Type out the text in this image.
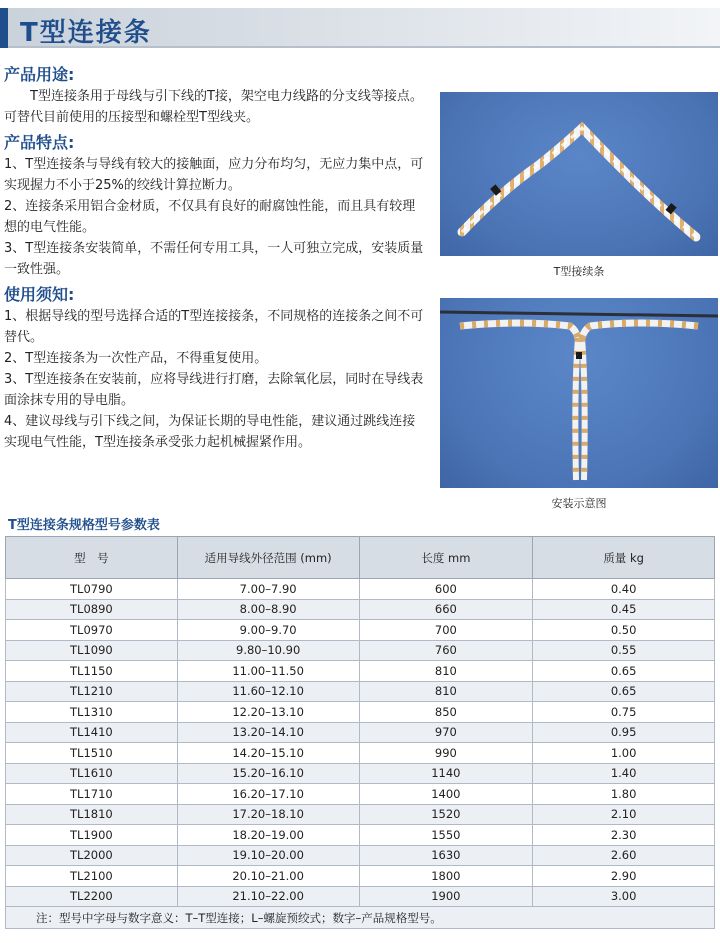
T型连接条
产品用途:
T型连接条用于母线与引下线的T接，架空电力线路的分支线等接点。可替代目前使用的压接型和螺栓型T型线夹。
产品特点:
1、T型连接条与导线有较大的接触面，应力分布均匀，无应力集中点，可实现握力不小于25%的绞线计算拉断力。
2、连接条采用铝合金材质，不仅具有良好的耐腐蚀性能，而且具有较理想的电气性能。
3、T型连接条安装简单，不需任何专用工具，一人可独立完成，安装质量一致性强。
使用须知:
1、根据导线的型号选择合适的T型连接接条，不同规格的连接条之间不可替代。
2、T型连接条为一次性产品，不得重复使用。
3、T型连接条在安装前，应将导线进行打磨，去除氧化层，同时在导线表面涂抹专用的导电脂。
4、建议母线与引下线之间，为保证长期的导电性能，建议通过跳线连接实现电气性能，T型连接条承受张力起机械握紧作用。
T型接续条
安装示意图
T型连接条规格型号参数表
型　号	适用导线外径范围 (mm)	长度 mm	质量 kg
TL0790	7.00–7.90	600	0.40
TL0890	8.00–8.90	660	0.45
TL0970	9.00–9.70	700	0.50
TL1090	9.80–10.90	760	0.55
TL1150	11.00–11.50	810	0.65
TL1210	11.60–12.10	810	0.65
TL1310	12.20–13.10	850	0.75
TL1410	13.20–14.10	970	0.95
TL1510	14.20–15.10	990	1.00
TL1610	15.20–16.10	1140	1.40
TL1710	16.20–17.10	1400	1.80
TL1810	17.20–18.10	1520	2.10
TL1900	18.20–19.00	1550	2.30
TL2000	19.10–20.00	1630	2.60
TL2100	20.10–21.00	1800	2.90
TL2200	21.10–22.00	1900	3.00
注：型号中字母与数字意义：T–T型连接；L–螺旋预绞式；数字–产品规格型号。			
